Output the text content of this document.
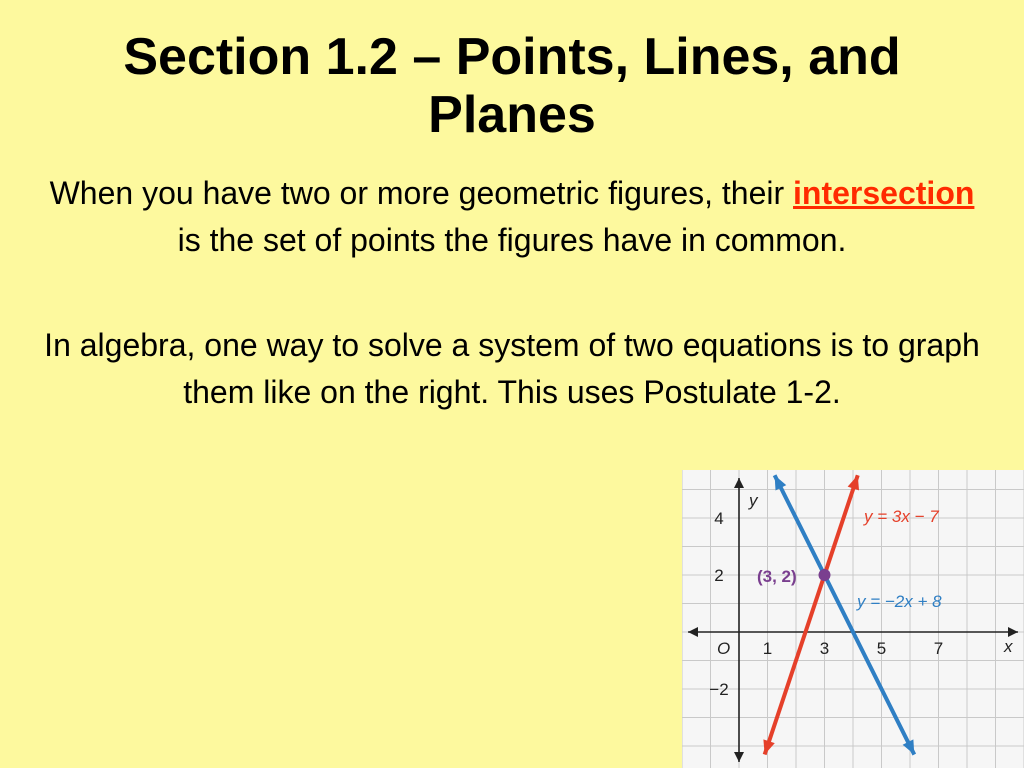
Section 1.2 – Points, Lines, and Planes
When you have two or more geometric figures, their intersection is the set of points the figures have in common.
In algebra, one way to solve a system of two equations is to graph them like on the right. This uses Postulate 1-2.
y
x
O
4
2
−2
1	3	5	7
y = 3x − 7
y = −2x + 8
(3, 2)
